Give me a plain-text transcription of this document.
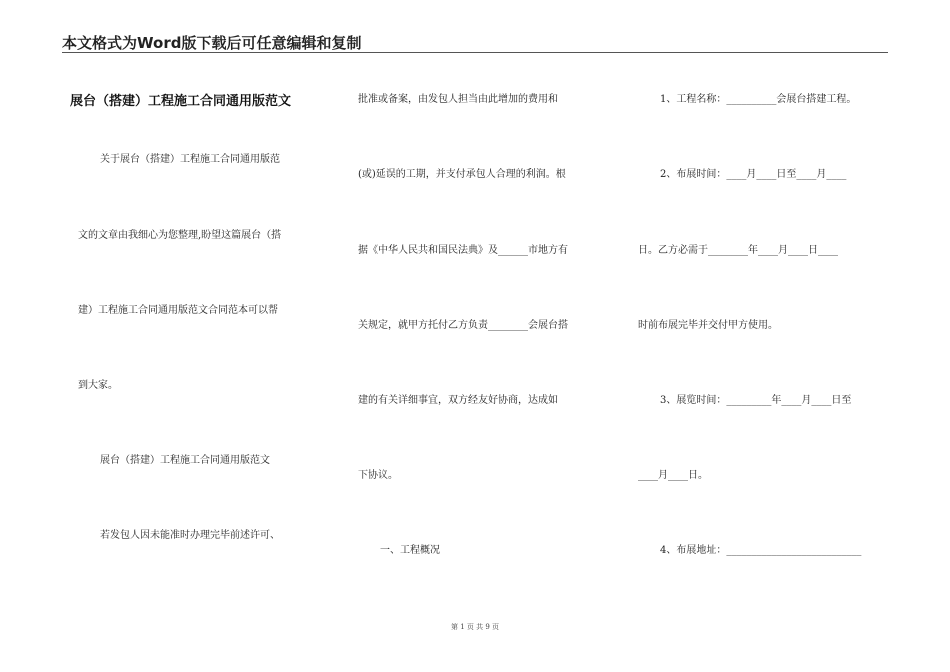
本文格式为Word版下载后可任意编辑和复制
展台（搭建）工程施工合同通用版范文
关于展台（搭建）工程施工合同通用版范
文的文章由我细心为您整理,盼望这篇展台（搭
建）工程施工合同通用版范文合同范本可以帮
到大家。
展台（搭建）工程施工合同通用版范文
若发包人因未能准时办理完毕前述许可、
批准或备案，由发包人担当由此增加的费用和
(或)延误的工期，并支付承包人合理的利润。根
据《中华人民共和国民法典》及______市地方有
关规定，就甲方托付乙方负责________会展台搭
建的有关详细事宜，双方经友好协商，达成如
下协议。
一、工程概况
1、工程名称：__________会展台搭建工程。
2、布展时间：____月____日至____月____
日。乙方必需于________年____月____日____
时前布展完毕并交付甲方使用。
3、展览时间：_________年____月____日至
____月____日。
4、布展地址：___________________________
第 1 页 共 9 页
